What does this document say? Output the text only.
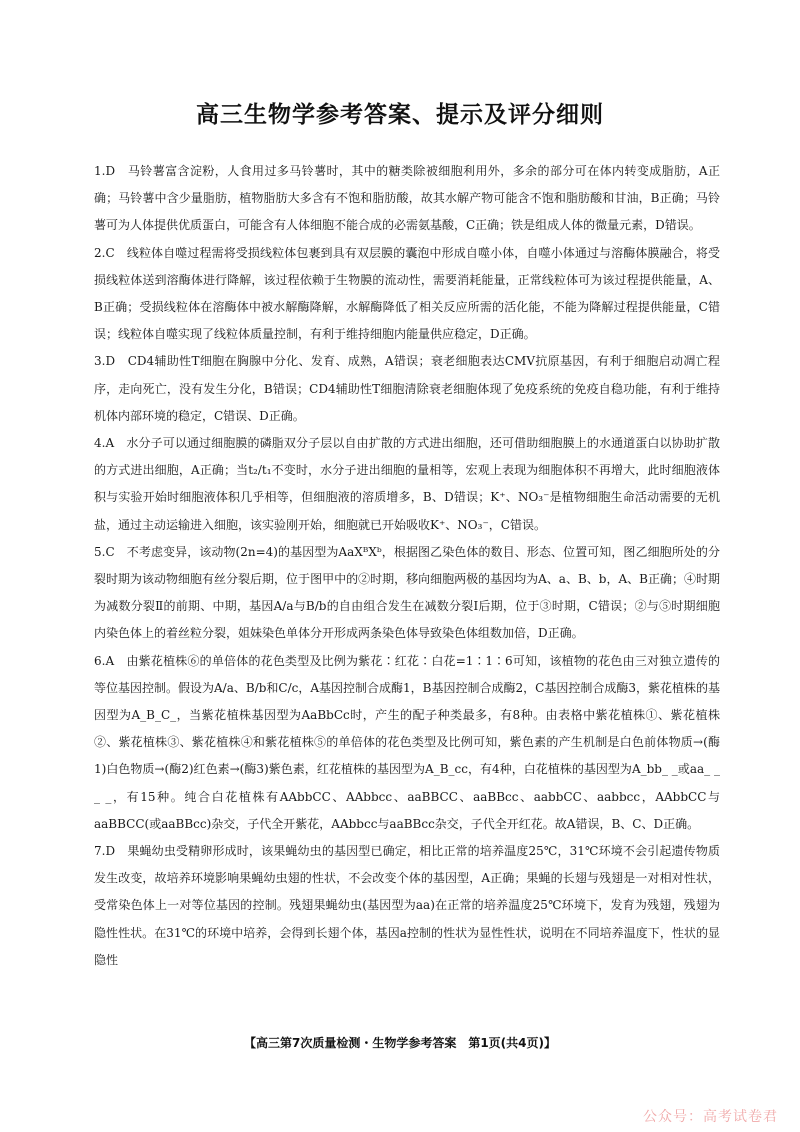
高三生物学参考答案、提示及评分细则

1.D　马铃薯富含淀粉，人食用过多马铃薯时，其中的糖类除被细胞利用外，多余的部分可在体内转变成脂肪，A正确；马铃薯中含少量脂肪，植物脂肪大多含有不饱和脂肪酸，故其水解产物可能含不饱和脂肪酸和甘油，B正确；马铃薯可为人体提供优质蛋白，可能含有人体细胞不能合成的必需氨基酸，C正确；铁是组成人体的微量元素，D错误。

2.C　线粒体自噬过程需将受损线粒体包裹到具有双层膜的囊泡中形成自噬小体，自噬小体通过与溶酶体膜融合，将受损线粒体送到溶酶体进行降解，该过程依赖于生物膜的流动性，需要消耗能量，正常线粒体可为该过程提供能量，A、B正确；受损线粒体在溶酶体中被水解酶降解，水解酶降低了相关反应所需的活化能，不能为降解过程提供能量，C错误；线粒体自噬实现了线粒体质量控制，有利于维持细胞内能量供应稳定，D正确。

3.D　CD4辅助性T细胞在胸腺中分化、发育、成熟，A错误；衰老细胞表达CMV抗原基因，有利于细胞启动凋亡程序，走向死亡，没有发生分化，B错误；CD4辅助性T细胞清除衰老细胞体现了免疫系统的免疫自稳功能，有利于维持机体内部环境的稳定，C错误、D正确。

4.A　水分子可以通过细胞膜的磷脂双分子层以自由扩散的方式进出细胞，还可借助细胞膜上的水通道蛋白以协助扩散的方式进出细胞，A正确；当t₂/t₁不变时，水分子进出细胞的量相等，宏观上表现为细胞体积不再增大，此时细胞液体积与实验开始时细胞液体积几乎相等，但细胞液的溶质增多，B、D错误；K⁺、NO₃⁻是植物细胞生命活动需要的无机盐，通过主动运输进入细胞，该实验刚开始，细胞就已开始吸收K⁺、NO₃⁻，C错误。

5.C　不考虑变异，该动物(2n=4)的基因型为AaXᴮXᵇ，根据图乙染色体的数目、形态、位置可知，图乙细胞所处的分裂时期为该动物细胞有丝分裂后期，位于图甲中的②时期，移向细胞两极的基因均为A、a、B、b，A、B正确；④时期为减数分裂Ⅱ的前期、中期，基因A/a与B/b的自由组合发生在减数分裂Ⅰ后期，位于③时期，C错误；②与⑤时期细胞内染色体上的着丝粒分裂，姐妹染色单体分开形成两条染色体导致染色体组数加倍，D正确。

6.A　由紫花植株⑥的单倍体的花色类型及比例为紫花∶红花∶白花=1∶1∶6可知，该植物的花色由三对独立遗传的等位基因控制。假设为A/a、B/b和C/c，A基因控制合成酶1，B基因控制合成酶2，C基因控制合成酶3，紫花植株的基因型为A_B_C_，当紫花植株基因型为AaBbCc时，产生的配子种类最多，有8种。由表格中紫花植株①、紫花植株②、紫花植株③、紫花植株④和紫花植株⑤的单倍体的花色类型及比例可知，紫色素的产生机制是白色前体物质→(酶1)白色物质→(酶2)红色素→(酶3)紫色素，红花植株的基因型为A_B_cc，有4种，白花植株的基因型为A_bb_ _或aa_ _ _ _，有15种。纯合白花植株有AAbbCC、AAbbcc、aaBBCC、aaBBcc、aabbCC、aabbcc，AAbbCC与aaBBCC(或aaBBcc)杂交，子代全开紫花，AAbbcc与aaBBcc杂交，子代全开红花。故A错误，B、C、D正确。

7.D　果蝇幼虫受精卵形成时，该果蝇幼虫的基因型已确定，相比正常的培养温度25℃，31℃环境不会引起遗传物质发生改变，故培养环境影响果蝇幼虫翅的性状，不会改变个体的基因型，A正确；果蝇的长翅与残翅是一对相对性状，受常染色体上一对等位基因的控制。残翅果蝇幼虫(基因型为aa)在正常的培养温度25℃环境下，发育为残翅，残翅为隐性性状。在31℃的环境中培养，会得到长翅个体，基因a控制的性状为显性性状，说明在不同培养温度下，性状的显隐性

【高三第7次质量检测・生物学参考答案　第1页(共4页)】
公众号：高考试卷君
